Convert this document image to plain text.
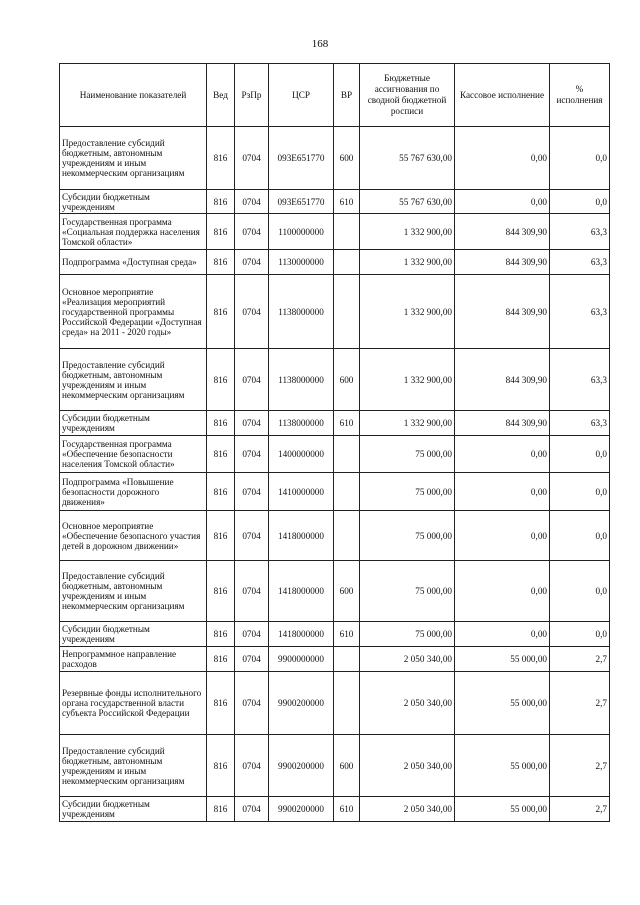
168
Наименование показателей	Вед	РзПр	ЦСР	ВР	Бюджетные ассигнования по сводной бюджетной росписи	Кассовое исполнение	% исполнения
Предоставление субсидий бюджетным, автономным учреждениям и иным некоммерческим организациям	816	0704	093E651770	600	55 767 630,00	0,00	0,0
Субсидии бюджетным учреждениям	816	0704	093E651770	610	55 767 630,00	0,00	0,0
Государственная программа «Социальная поддержка населения Томской области»	816	0704	1100000000		1 332 900,00	844 309,90	63,3
Подпрограмма «Доступная среда»	816	0704	1130000000		1 332 900,00	844 309,90	63,3
Основное мероприятие «Реализация мероприятий государственной программы Российской Федерации «Доступная среда» на 2011 - 2020 годы»	816	0704	1138000000		1 332 900,00	844 309,90	63,3
Предоставление субсидий бюджетным, автономным учреждениям и иным некоммерческим организациям	816	0704	1138000000	600	1 332 900,00	844 309,90	63,3
Субсидии бюджетным учреждениям	816	0704	1138000000	610	1 332 900,00	844 309,90	63,3
Государственная программа «Обеспечение безопасности населения Томской области»	816	0704	1400000000		75 000,00	0,00	0,0
Подпрограмма «Повышение безопасности дорожного движения»	816	0704	1410000000		75 000,00	0,00	0,0
Основное мероприятие «Обеспечение безопасного участия детей в дорожном движении»	816	0704	1418000000		75 000,00	0,00	0,0
Предоставление субсидий бюджетным, автономным учреждениям и иным некоммерческим организациям	816	0704	1418000000	600	75 000,00	0,00	0,0
Субсидии бюджетным учреждениям	816	0704	1418000000	610	75 000,00	0,00	0,0
Непрограммное направление расходов	816	0704	9900000000		2 050 340,00	55 000,00	2,7
Резервные фонды исполнительного органа государственной власти субъекта Российской Федерации	816	0704	9900200000		2 050 340,00	55 000,00	2,7
Предоставление субсидий бюджетным, автономным учреждениям и иным некоммерческим организациям	816	0704	9900200000	600	2 050 340,00	55 000,00	2,7
Субсидии бюджетным учреждениям	816	0704	9900200000	610	2 050 340,00	55 000,00	2,7
